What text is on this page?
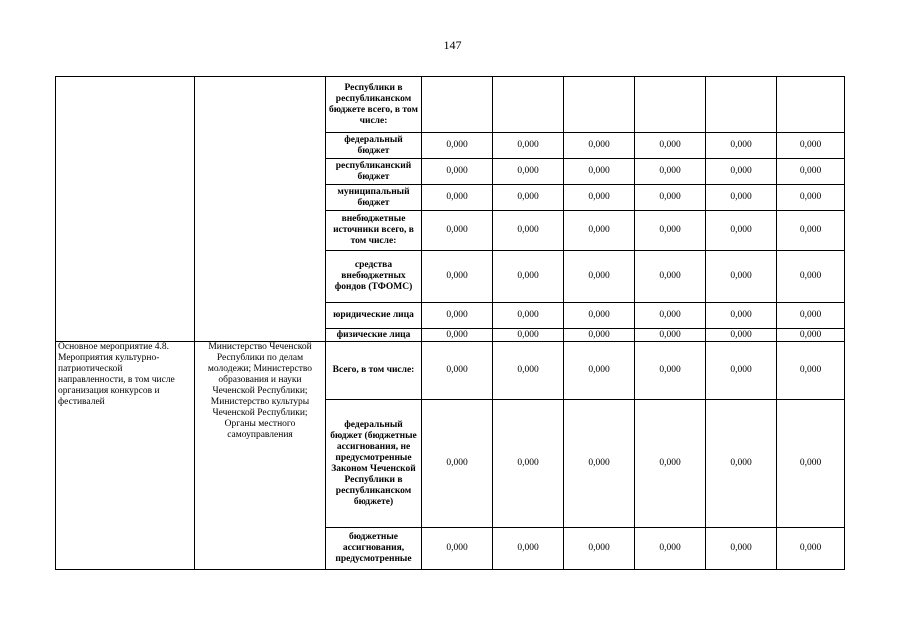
147
		Республики в республиканском бюджете всего, в том числе:						
		федеральный бюджет	0,000	0,000	0,000	0,000	0,000	0,000
		республиканский бюджет	0,000	0,000	0,000	0,000	0,000	0,000
		муниципальный бюджет	0,000	0,000	0,000	0,000	0,000	0,000
		внебюджетные источники всего, в том числе:	0,000	0,000	0,000	0,000	0,000	0,000
		средства внебюджетных фондов (ТФОМС)	0,000	0,000	0,000	0,000	0,000	0,000
		юридические лица	0,000	0,000	0,000	0,000	0,000	0,000
		физические лица	0,000	0,000	0,000	0,000	0,000	0,000
Основное мероприятие 4.8. Мероприятия культурно-патриотической направленности, в том числе организация конкурсов и фестивалей	Министерство Чеченской Республики по делам молодежи; Министерство образования и науки Чеченской Республики; Министерство культуры Чеченской Республики; Органы местного самоуправления	Всего, в том числе:	0,000	0,000	0,000	0,000	0,000	0,000
		федеральный бюджет (бюджетные ассигнования, не предусмотренные Законом Чеченской Республики в республиканском бюджете)	0,000	0,000	0,000	0,000	0,000	0,000
		бюджетные ассигнования, предусмотренные	0,000	0,000	0,000	0,000	0,000	0,000
